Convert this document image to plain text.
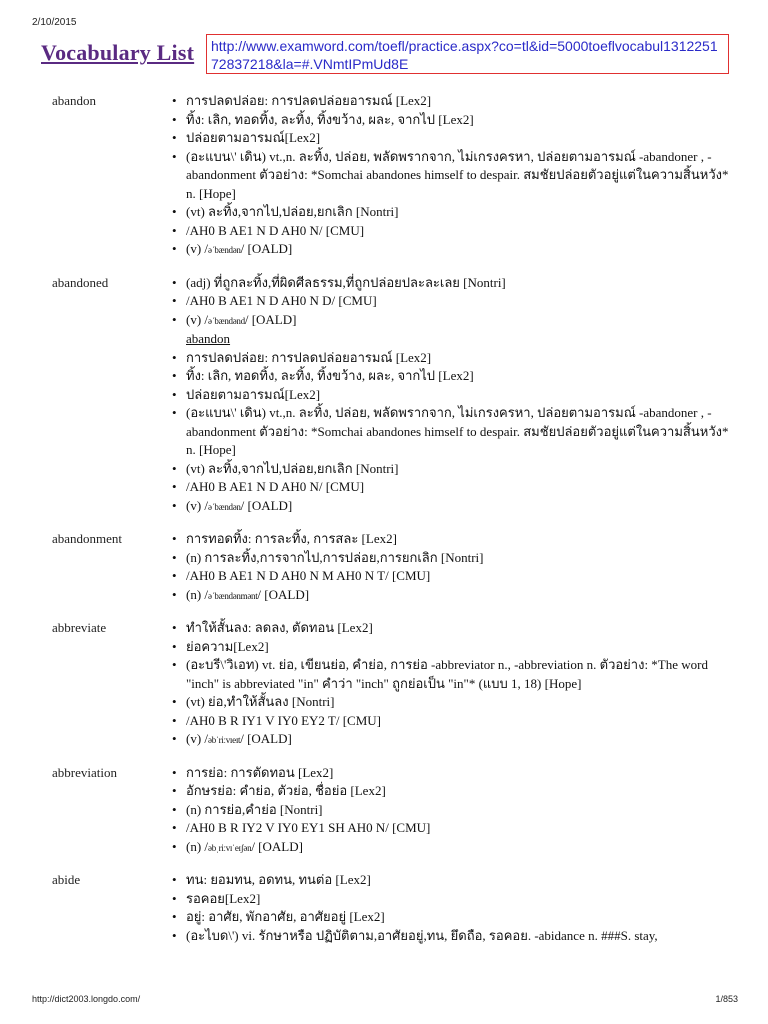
2/10/2015
Vocabulary List	http://www.examword.com/toefl/practice.aspx?co=tl&id=5000toeflvocabul131225172837218&la=#.VNmtIPmUd8E
abandon	• การปลดปล่อย: การปลดปล่อยอารมณ์ [Lex2]
• ทิ้ง: เลิก, ทอดทิ้ง, ละทิ้ง, ทิ้งขว้าง, ผละ, จากไป [Lex2]
• ปล่อยตามอารมณ์[Lex2]
• (อะแบน\' เดิน) vt.,n. ละทิ้ง, ปล่อย, พลัดพรากจาก, ไม่เกรงครหา, ปล่อยตามอารมณ์ -abandoner , -abandonment ตัวอย่าง: *Somchai abandones himself to despair. สมชัยปล่อยตัวอยู่แต่ในความสิ้นหวัง* n. [Hope]
• (vt) ละทิ้ง,จากไป,ปล่อย,ยกเลิก [Nontri]
• /AH0 B AE1 N D AH0 N/ [CMU]
• (v) /əˈbændən/ [OALD]
abandoned	• (adj) ที่ถูกละทิ้ง,ที่ผิดศีลธรรม,ที่ถูกปล่อยปละละเลย [Nontri]
• /AH0 B AE1 N D AH0 N D/ [CMU]
• (v) /əˈbændənd/ [OALD]
abandon
• การปลดปล่อย: การปลดปล่อยอารมณ์ [Lex2]
• ทิ้ง: เลิก, ทอดทิ้ง, ละทิ้ง, ทิ้งขว้าง, ผละ, จากไป [Lex2]
• ปล่อยตามอารมณ์[Lex2]
• (อะแบน\' เดิน) vt.,n. ละทิ้ง, ปล่อย, พลัดพรากจาก, ไม่เกรงครหา, ปล่อยตามอารมณ์ -abandoner , -abandonment ตัวอย่าง: *Somchai abandones himself to despair. สมชัยปล่อยตัวอยู่แต่ในความสิ้นหวัง* n. [Hope]
• (vt) ละทิ้ง,จากไป,ปล่อย,ยกเลิก [Nontri]
• /AH0 B AE1 N D AH0 N/ [CMU]
• (v) /əˈbændən/ [OALD]
abandonment	• การทอดทิ้ง: การละทิ้ง, การสละ [Lex2]
• (n) การละทิ้ง,การจากไป,การปล่อย,การยกเลิก [Nontri]
• /AH0 B AE1 N D AH0 N M AH0 N T/ [CMU]
• (n) /əˈbændənmənt/ [OALD]
abbreviate	• ทำให้สั้นลง: ลดลง, ตัดทอน [Lex2]
• ย่อความ[Lex2]
• (อะบรี\'วิเอท) vt. ย่อ, เขียนย่อ, คำย่อ, การย่อ -abbreviator n., -abbreviation n. ตัวอย่าง: *The word "inch" is abbreviated "in" คำว่า "inch" ถูกย่อเป็น "in"* (แบบ 1, 18) [Hope]
• (vt) ย่อ,ทำให้สั้นลง [Nontri]
• /AH0 B R IY1 V IY0 EY2 T/ [CMU]
• (v) /əbˈriːvɪeɪt/ [OALD]
abbreviation	• การย่อ: การตัดทอน [Lex2]
• อักษรย่อ: คำย่อ, ตัวย่อ, ชื่อย่อ [Lex2]
• (n) การย่อ,คำย่อ [Nontri]
• /AH0 B R IY2 V IY0 EY1 SH AH0 N/ [CMU]
• (n) /əbˌriːvɪˈeɪʃən/ [OALD]
abide	• ทน: ยอมทน, อดทน, ทนต่อ [Lex2]
• รอคอย[Lex2]
• อยู่: อาศัย, พักอาศัย, อาศัยอยู่ [Lex2]
• (อะไบด\') vi. รักษาหรือ ปฏิบัติตาม,อาศัยอยู่,ทน, ยึดถือ, รอคอย. -abidance n. ###S. stay,
http://dict2003.longdo.com/	1/853
